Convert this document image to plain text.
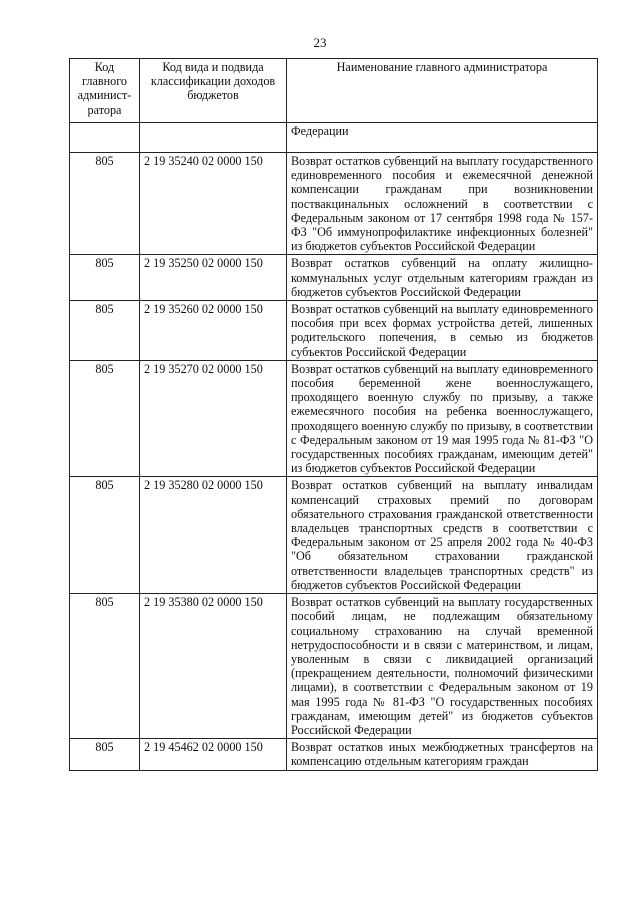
23
Код главного админист-ратора	Код вида и подвида классификации доходов бюджетов	Наименование главного администратора
		Федерации
805	2 19 35240 02 0000 150	Возврат остатков субвенций на выплату государственного единовременного пособия и ежемесячной денежной компенсации гражданам при возникновении поствакцинальных осложнений в соответствии с Федеральным законом от 17 сентября 1998 года № 157-ФЗ "Об иммунопрофилактике инфекционных болезней" из бюджетов субъектов Российской Федерации
805	2 19 35250 02 0000 150	Возврат остатков субвенций на оплату жилищно-коммунальных услуг отдельным категориям граждан из бюджетов субъектов Российской Федерации
805	2 19 35260 02 0000 150	Возврат остатков субвенций на выплату единовременного пособия при всех формах устройства детей, лишенных родительского попечения, в семью из бюджетов субъектов Российской Федерации
805	2 19 35270 02 0000 150	Возврат остатков субвенций на выплату единовременного пособия беременной жене военнослужащего, проходящего военную службу по призыву, а также ежемесячного пособия на ребенка военнослужащего, проходящего военную службу по призыву, в соответствии с Федеральным законом от 19 мая 1995 года № 81-ФЗ "О государственных пособиях гражданам, имеющим детей" из бюджетов субъектов Российской Федерации
805	2 19 35280 02 0000 150	Возврат остатков субвенций на выплату инвалидам компенсаций страховых премий по договорам обязательного страхования гражданской ответственности владельцев транспортных средств в соответствии с Федеральным законом от 25 апреля 2002 года № 40-ФЗ "Об обязательном страховании гражданской ответственности владельцев транспортных средств" из бюджетов субъектов Российской Федерации
805	2 19 35380 02 0000 150	Возврат остатков субвенций на выплату государственных пособий лицам, не подлежащим обязательному социальному страхованию на случай временной нетрудоспособности и в связи с материнством, и лицам, уволенным в связи с ликвидацией организаций (прекращением деятельности, полномочий физическими лицами), в соответствии с Федеральным законом от 19 мая 1995 года № 81-ФЗ "О государственных пособиях гражданам, имеющим детей" из бюджетов субъектов Российской Федерации
805	2 19 45462 02 0000 150	Возврат остатков иных межбюджетных трансфертов на компенсацию отдельным категориям граждан
